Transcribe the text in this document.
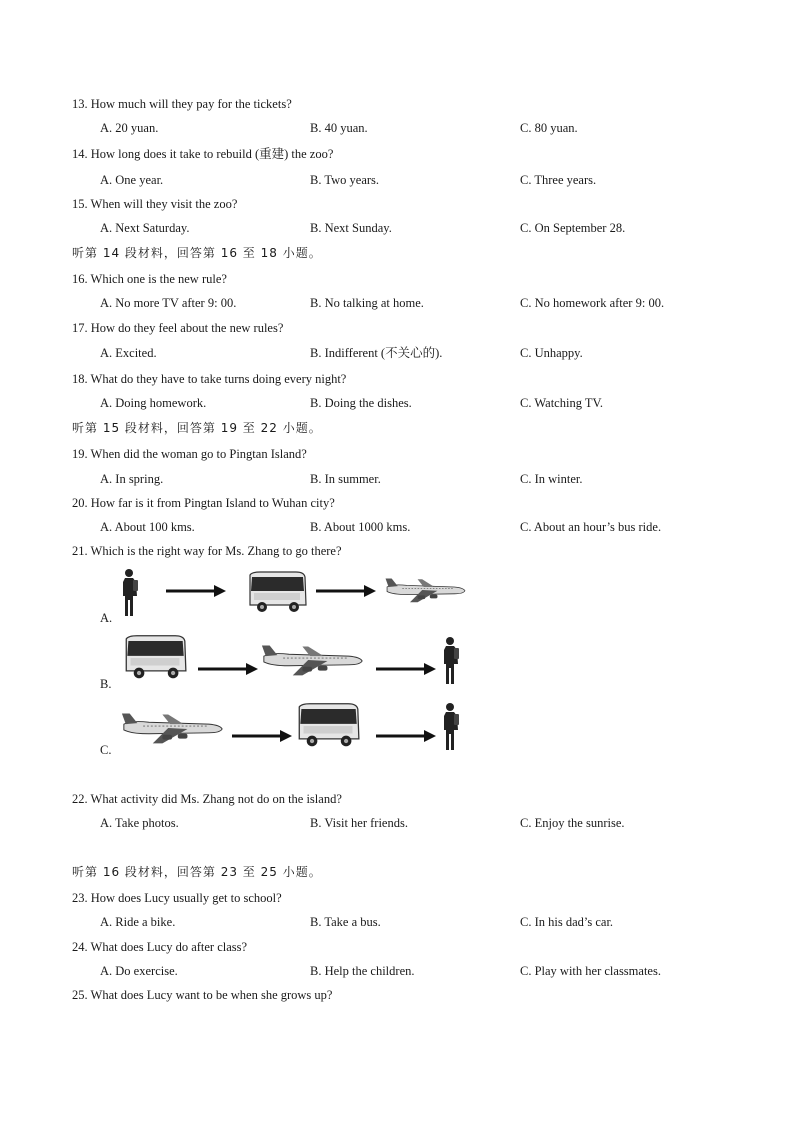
13. How much will they pay for the tickets?
A. 20 yuan.	B. 40 yuan.	C. 80 yuan.
14. How long does it take to rebuild (重建) the zoo?
A. One year.	B. Two years.	C. Three years.
15. When will they visit the zoo?
A. Next Saturday.	B. Next Sunday.	C. On September 28.
听第 14 段材料，回答第 16 至 18 小题。
16. Which one is the new rule?
A. No more TV after 9: 00.	B. No talking at home.	C. No homework after 9: 00.
17. How do they feel about the new rules?
A. Excited.	B. Indifferent (不关心的).	C. Unhappy.
18. What do they have to take turns doing every night?
A. Doing homework.	B. Doing the dishes.	C. Watching TV.
听第 15 段材料，回答第 19 至 22 小题。
19. When did the woman go to Pingtan Island?
A. In spring.	B. In summer.	C. In winter.
20. How far is it from Pingtan Island to Wuhan city?
A. About 100 kms.	B. About 1000 kms.	C. About an hour’s bus ride.
21. Which is the right way for Ms. Zhang to go there?
A.
B.
C.
22. What activity did Ms. Zhang not do on the island?
A. Take photos.	B. Visit her friends.	C. Enjoy the sunrise.
听第 16 段材料，回答第 23 至 25 小题。
23. How does Lucy usually get to school?
A. Ride a bike.	B. Take a bus.	C. In his dad’s car.
24. What does Lucy do after class?
A. Do exercise.	B. Help the children.	C. Play with her classmates.
25. What does Lucy want to be when she grows up?
